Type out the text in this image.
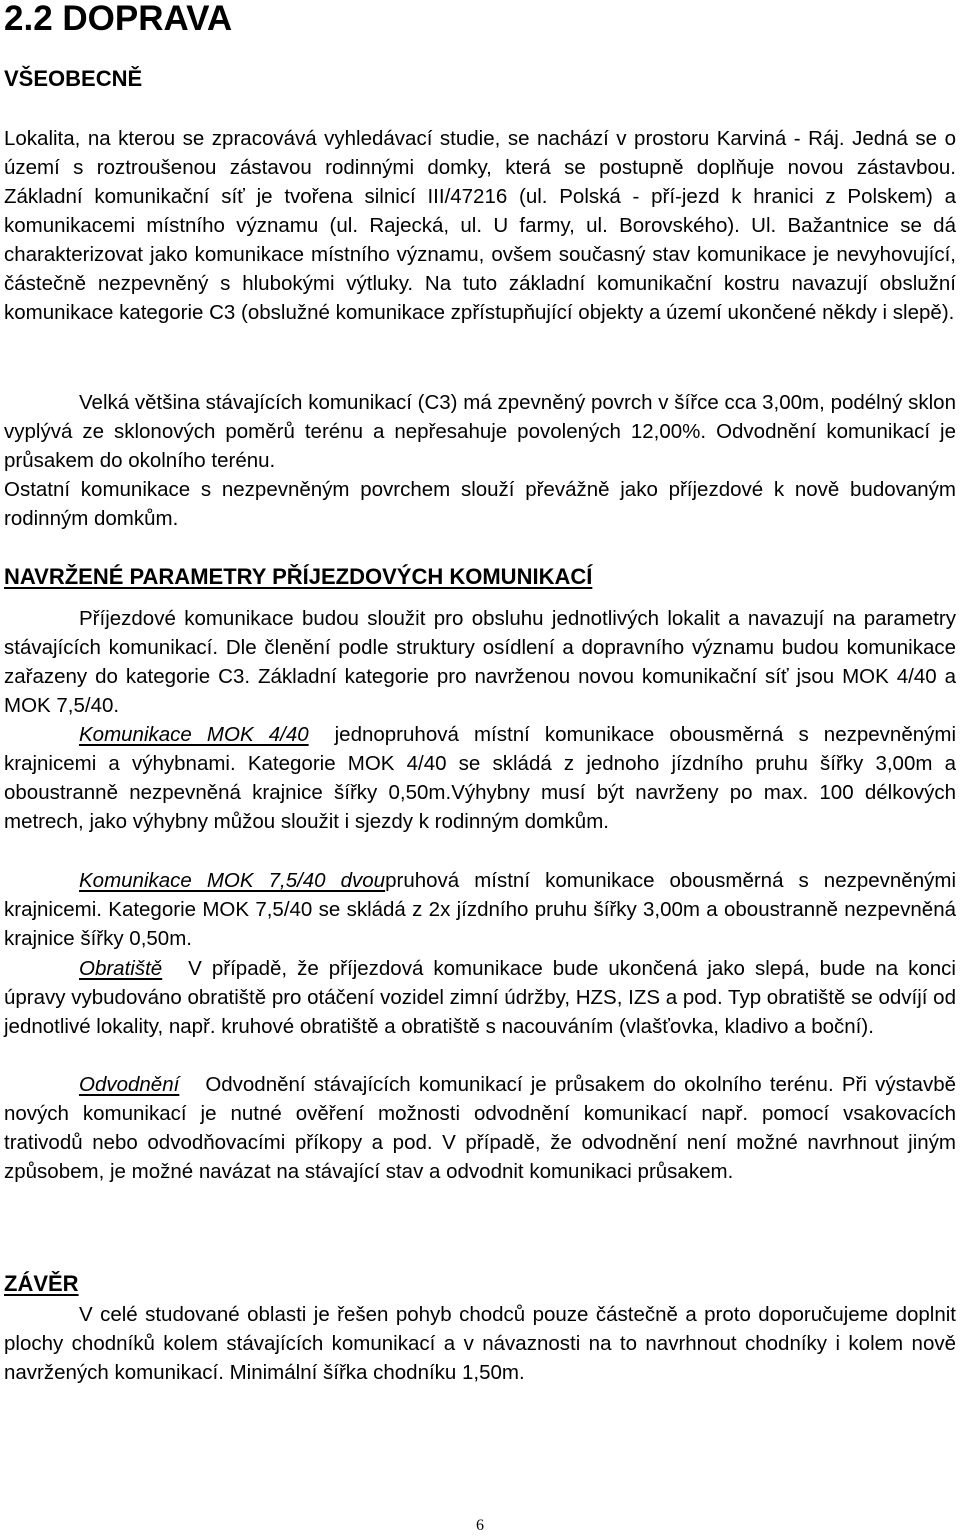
2.2 DOPRAVA
VŠEOBECNĚ

Lokalita, na kterou se zpracovává vyhledávací studie, se nachází v prostoru Karviná - Ráj. Jedná se o území s roztroušenou zástavou rodinnými domky, která se postupně doplňuje novou zástavbou. Základní komunikační síť je tvořena silnicí III/47216 (ul. Polská - pří-jezd k hranici z Polskem) a komunikacemi místního významu (ul. Rajecká, ul. U farmy, ul. Borovského). Ul. Bažantnice se dá charakterizovat jako komunikace místního významu, ovšem současný stav komunikace je nevyhovující, částečně nezpevněný s hlubokými výtluky. Na tuto základní komunikační kostru navazují obslužní komunikace kategorie C3 (obslužné komunikace zpřístupňující objekty a území ukončené někdy i slepě).

Velká většina stávajících komunikací (C3) má zpevněný povrch v šířce cca 3,00m, podélný sklon vyplývá ze sklonových poměrů terénu a nepřesahuje povolených 12,00%. Odvodnění komunikací je průsakem do okolního terénu.

Ostatní komunikace s nezpevněným povrchem slouží převážně jako příjezdové k nově budovaným rodinným domkům.

NAVRŽENÉ PARAMETRY PŘÍJEZDOVÝCH KOMUNIKACÍ

Příjezdové komunikace budou sloužit pro obsluhu jednotlivých lokalit a navazují na parametry stávajících komunikací. Dle členění podle struktury osídlení a dopravního významu budou komunikace zařazeny do kategorie C3. Základní kategorie pro navrženou novou komunikační síť jsou MOK 4/40 a MOK 7,5/40.

Komunikace MOK 4/40 jednopruhová místní komunikace obousměrná s nezpevněnými krajnicemi a výhybnami. Kategorie MOK 4/40 se skládá z jednoho jízdního pruhu šířky 3,00m a oboustranně nezpevněná krajnice šířky 0,50m.Výhybny musí být navrženy po max. 100 délkových metrech, jako výhybny můžou sloužit i sjezdy k rodinným domkům.

Komunikace MOK 7,5/40 dvoupruhová místní komunikace obousměrná s nezpevněnými krajnicemi. Kategorie MOK 7,5/40 se skládá z 2x jízdního pruhu šířky 3,00m a oboustranně nezpevněná krajnice šířky 0,50m.

Obratiště V případě, že příjezdová komunikace bude ukončená jako slepá, bude na konci úpravy vybudováno obratiště pro otáčení vozidel zimní údržby, HZS, IZS a pod. Typ obratiště se odvíjí od jednotlivé lokality, např. kruhové obratiště a obratiště s nacouváním (vlašťovka, kladivo a boční).

Odvodnění Odvodnění stávajících komunikací je průsakem do okolního terénu. Při výstavbě nových komunikací je nutné ověření možnosti odvodnění komunikací např. pomocí vsakovacích trativodů nebo odvodňovacími příkopy a pod. V případě, že odvodnění není možné navrhnout jiným způsobem, je možné navázat na stávající stav a odvodnit komunikaci průsakem.

ZÁVĚR

V celé studované oblasti je řešen pohyb chodců pouze částečně a proto doporučujeme doplnit plochy chodníků kolem stávajících komunikací a v návaznosti na to navrhnout chodníky i kolem nově navržených komunikací. Minimální šířka chodníku 1,50m.

6
